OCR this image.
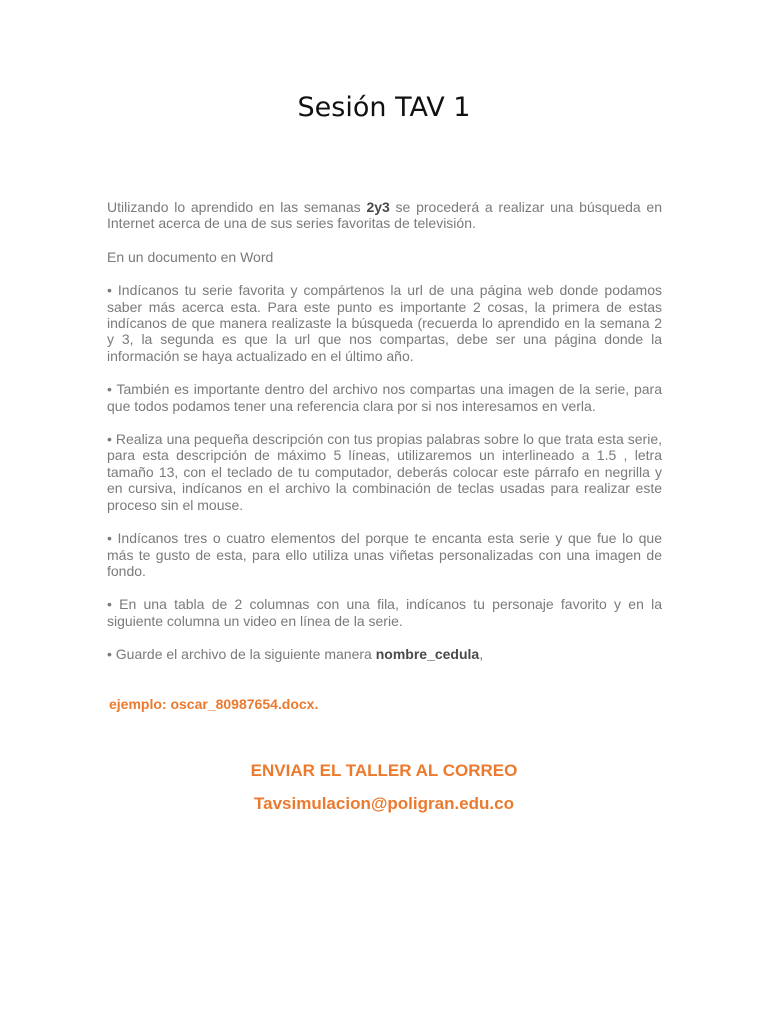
Sesión TAV 1

Utilizando lo aprendido en las semanas 2y3 se procederá a realizar una búsqueda en Internet acerca de una de sus series favoritas de televisión.

En un documento en Word

• Indícanos tu serie favorita y compártenos la url de una página web donde podamos saber más acerca esta. Para este punto es importante 2 cosas, la primera de estas indícanos de que manera realizaste la búsqueda (recuerda lo aprendido en la semana 2 y 3, la segunda es que la url que nos compartas, debe ser una página donde la información se haya actualizado en el último año.

• También es importante dentro del archivo nos compartas una imagen de la serie, para que todos podamos tener una referencia clara por si nos interesamos en verla.

• Realiza una pequeña descripción con tus propias palabras sobre lo que trata esta serie, para esta descripción de máximo 5 líneas, utilizaremos un interlineado a 1.5 , letra tamaño 13, con el teclado de tu computador, deberás colocar este párrafo en negrilla y en cursiva, indícanos en el archivo la combinación de teclas usadas para realizar este proceso sin el mouse.

• Indícanos tres o cuatro elementos del porque te encanta esta serie y que fue lo que más te gusto de esta, para ello utiliza unas viñetas personalizadas con una imagen de fondo.

• En una tabla de 2 columnas con una fila, indícanos tu personaje favorito y en la siguiente columna un video en línea de la serie.

• Guarde el archivo de la siguiente manera nombre_cedula,

ejemplo: oscar_80987654.docx.
ENVIAR EL TALLER AL CORREO
Tavsimulacion@poligran.edu.co
